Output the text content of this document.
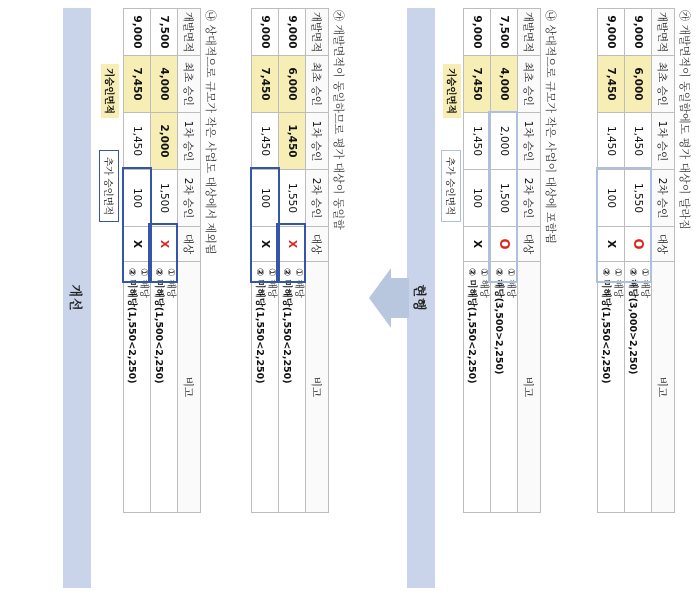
㉮ 개발면적이 동일함에도 평가 대상이 달라짐
개발면적	최초 승인	1차 승인	2차 승인	대상	비고
9,000	6,000	1,450	1,550	O	① 해당
② 해당(3,000>2,250)

9,000	7,450	1,450	100	X	① 해당
② 미해당(1,550<2,250)
㉯ 상대적으로 규모가 작은 사업이 대상에 포함됨
개발면적	최초 승인	1차 승인	2차 승인	대상	비고
7,500	4,000	2,000	1,500	O	① 해당
② 해당(3,500>2,250)

9,000	7,450	1,450	100	X	① 해당
② 미해당(1,550<2,250)
기승인면적
추가 승인면적
현행
㉮ 개발면적이 동일하므로 평가 대상이 동일함
개발면적	최초 승인	1차 승인	2차 승인	대상	비고
9,000	6,000	1,450	1,550	X	① 해당
② 미해당(1,550<2,250)

9,000	7,450	1,450	100	X	① 해당
② 미해당(1,550<2,250)
㉯ 상대적으로 규모가 작은 사업도 대상에서 제외됨
개발면적	최초 승인	1차 승인	2차 승인	대상	비고
7,500	4,000	2,000	1,500	X	① 해당
② 미해당(1,500<2,250)

9,000	7,450	1,450	100	X	① 해당
② 미해당(1,550<2,250)
기승인면적
추가 승인면적
개선
